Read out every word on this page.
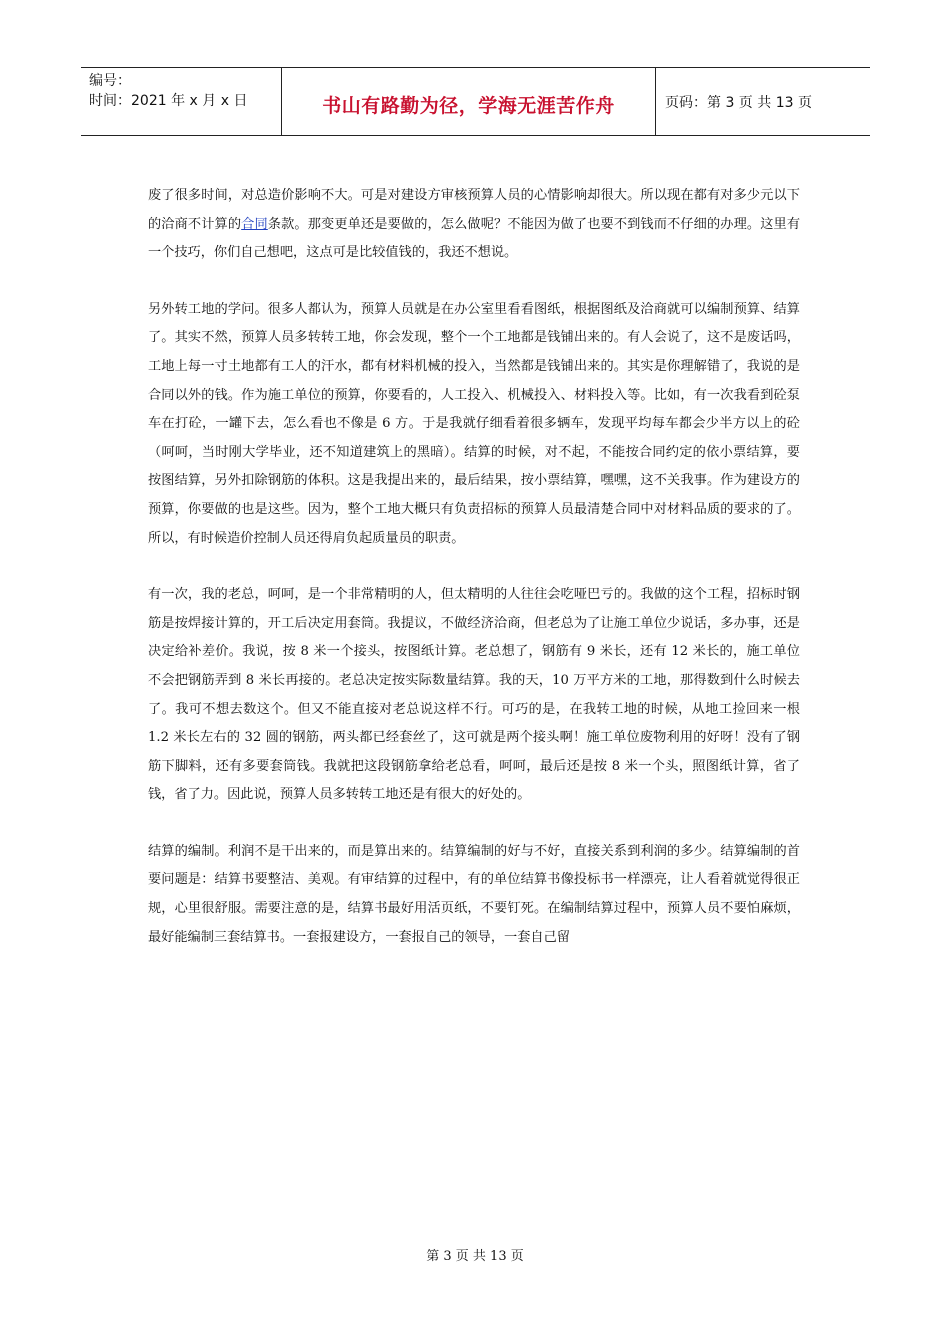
编号：
时间：2021 年 x 月 x 日	书山有路勤为径，学海无涯苦作舟	页码：第 3 页 共 13 页

废了很多时间，对总造价影响不大。可是对建设方审核预算人员的心情影响却很大。所以现在都有对多少元以下的洽商不计算的合同条款。那变更单还是要做的，怎么做呢？不能因为做了也要不到钱而不仔细的办理。这里有一个技巧，你们自己想吧，这点可是比较值钱的，我还不想说。

另外转工地的学问。很多人都认为，预算人员就是在办公室里看看图纸，根据图纸及洽商就可以编制预算、结算了。其实不然，预算人员多转转工地，你会发现，整个一个工地都是钱铺出来的。有人会说了，这不是废话吗，工地上每一寸土地都有工人的汗水，都有材料机械的投入，当然都是钱铺出来的。其实是你理解错了，我说的是合同以外的钱。作为施工单位的预算，你要看的，人工投入、机械投入、材料投入等。比如，有一次我看到砼泵车在打砼，一罐下去，怎么看也不像是 6 方。于是我就仔细看着很多辆车，发现平均每车都会少半方以上的砼（呵呵，当时刚大学毕业，还不知道建筑上的黑暗）。结算的时候，对不起，不能按合同约定的依小票结算，要按图结算，另外扣除钢筋的体积。这是我提出来的，最后结果，按小票结算，嘿嘿，这不关我事。作为建设方的预算，你要做的也是这些。因为，整个工地大概只有负责招标的预算人员最清楚合同中对材料品质的要求的了。所以，有时候造价控制人员还得肩负起质量员的职责。

有一次，我的老总，呵呵，是一个非常精明的人，但太精明的人往往会吃哑巴亏的。我做的这个工程，招标时钢筋是按焊接计算的，开工后决定用套筒。我提议，不做经济洽商，但老总为了让施工单位少说话，多办事，还是决定给补差价。我说，按 8 米一个接头，按图纸计算。老总想了，钢筋有 9 米长，还有 12 米长的，施工单位不会把钢筋弄到 8 米长再接的。老总决定按实际数量结算。我的天，10 万平方米的工地，那得数到什么时候去了。我可不想去数这个。但又不能直接对老总说这样不行。可巧的是，在我转工地的时候，从地工捡回来一根 1.2 米长左右的 32 圆的钢筋，两头都已经套丝了，这可就是两个接头啊！施工单位废物利用的好呀！没有了钢筋下脚料，还有多要套筒钱。我就把这段钢筋拿给老总看，呵呵，最后还是按 8 米一个头，照图纸计算，省了钱，省了力。因此说，预算人员多转转工地还是有很大的好处的。

结算的编制。利润不是干出来的，而是算出来的。结算编制的好与不好，直接关系到利润的多少。结算编制的首要问题是：结算书要整洁、美观。有审结算的过程中，有的单位结算书像投标书一样漂亮，让人看着就觉得很正规，心里很舒服。需要注意的是，结算书最好用活页纸，不要钉死。在编制结算过程中，预算人员不要怕麻烦，最好能编制三套结算书。一套报建设方，一套报自己的领导，一套自己留

第 3 页 共 13 页
